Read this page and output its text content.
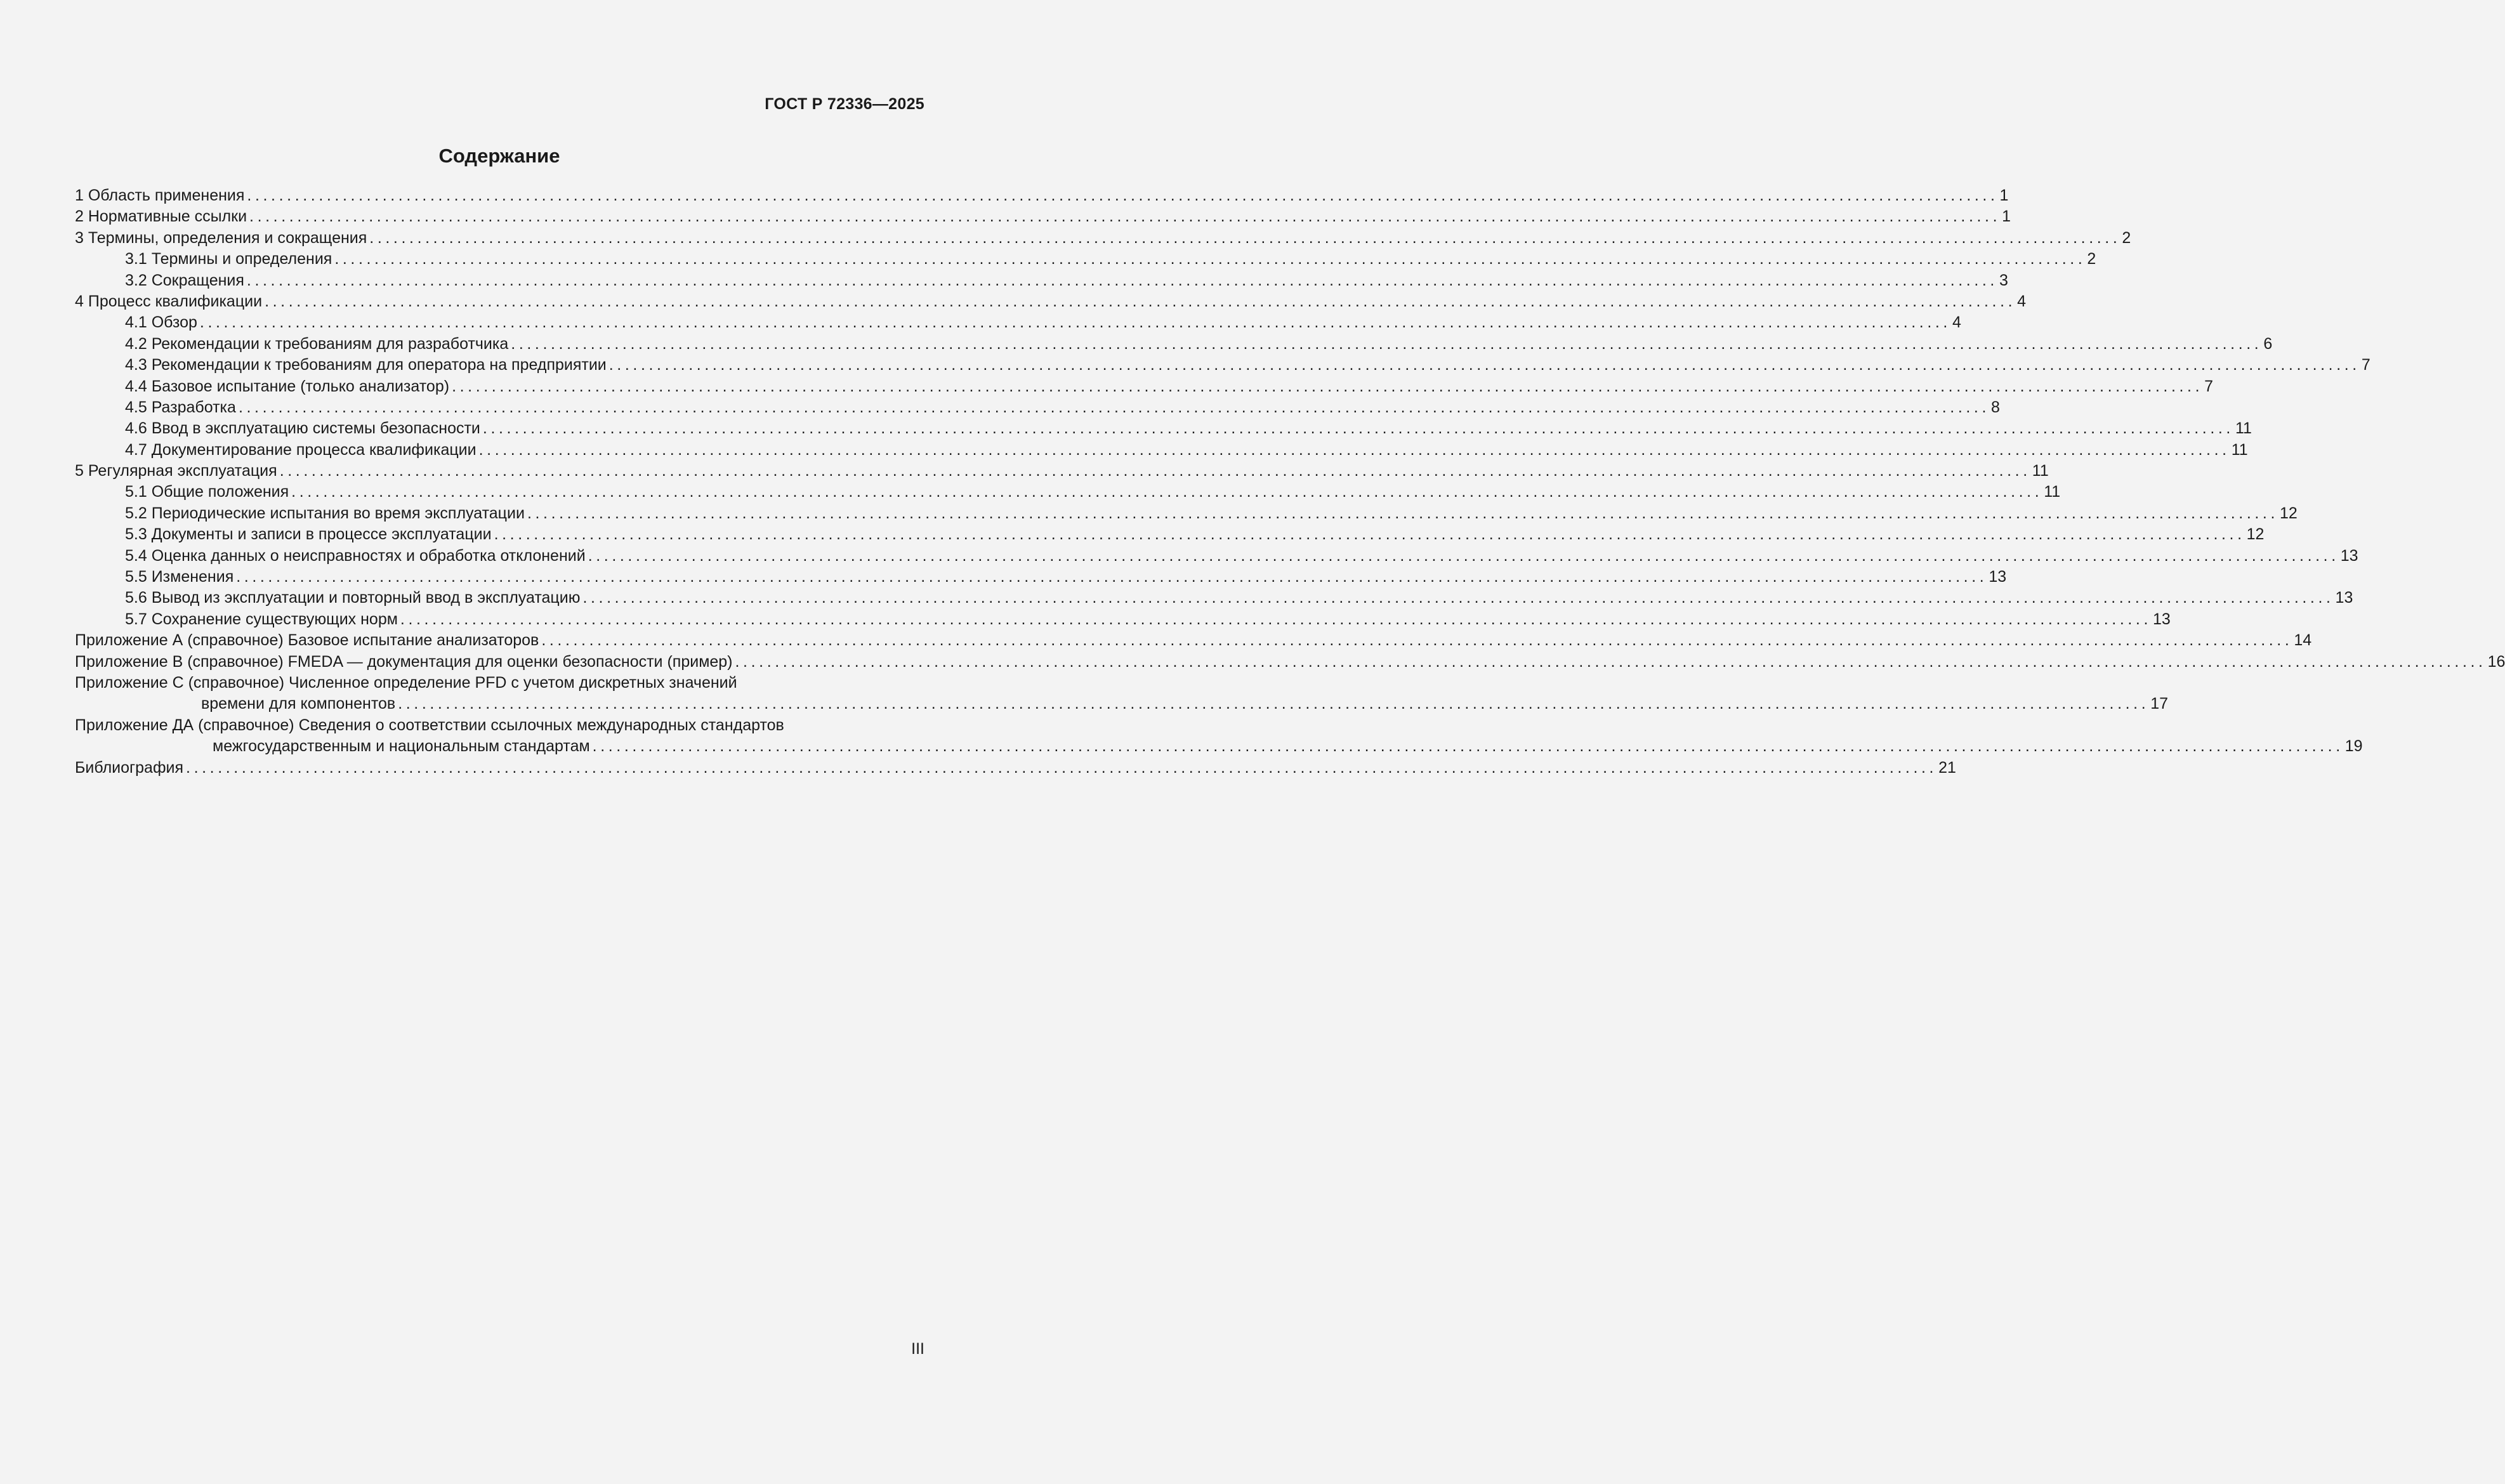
ГОСТ Р 72336—2025
Содержание
1 Область применения ............................................................................................................................................................................................................................ 1
2 Нормативные ссылки ............................................................................................................................................................................................................................ 1
3 Термины, определения и сокращения ............................................................................................................................................................................................................................ 2
3.1 Термины и определения ............................................................................................................................................................................................................................ 2
3.2 Сокращения ............................................................................................................................................................................................................................ 3
4 Процесс квалификации ............................................................................................................................................................................................................................ 4
4.1 Обзор ............................................................................................................................................................................................................................ 4
4.2 Рекомендации к требованиям для разработчика ............................................................................................................................................................................................................................ 6
4.3 Рекомендации к требованиям для оператора на предприятии ............................................................................................................................................................................................................................ 7
4.4 Базовое испытание (только анализатор) ............................................................................................................................................................................................................................ 7
4.5 Разработка ............................................................................................................................................................................................................................ 8
4.6 Ввод в эксплуатацию системы безопасности ............................................................................................................................................................................................................................ 11
4.7 Документирование процесса квалификации ............................................................................................................................................................................................................................ 11
5 Регулярная эксплуатация ............................................................................................................................................................................................................................ 11
5.1 Общие положения ............................................................................................................................................................................................................................ 11
5.2 Периодические испытания во время эксплуатации ............................................................................................................................................................................................................................ 12
5.3 Документы и записи в процессе эксплуатации ............................................................................................................................................................................................................................ 12
5.4 Оценка данных о неисправностях и обработка отклонений ............................................................................................................................................................................................................................ 13
5.5 Изменения ............................................................................................................................................................................................................................ 13
5.6 Вывод из эксплуатации и повторный ввод в эксплуатацию ............................................................................................................................................................................................................................ 13
5.7 Сохранение существующих норм ............................................................................................................................................................................................................................ 13
Приложение А (справочное) Базовое испытание анализаторов ............................................................................................................................................................................................................................ 14
Приложение В (справочное) FMEDA — документация для оценки безопасности (пример) ............................................................................................................................................................................................................................ 16
Приложение С (справочное) Численное определение PFD с учетом дискретных значений
времени для компонентов ............................................................................................................................................................................................................................ 17
Приложение ДА (справочное) Сведения о соответствии ссылочных международных стандартов
межгосударственным и национальным стандартам ............................................................................................................................................................................................................................ 19
Библиография ............................................................................................................................................................................................................................ 21
III
